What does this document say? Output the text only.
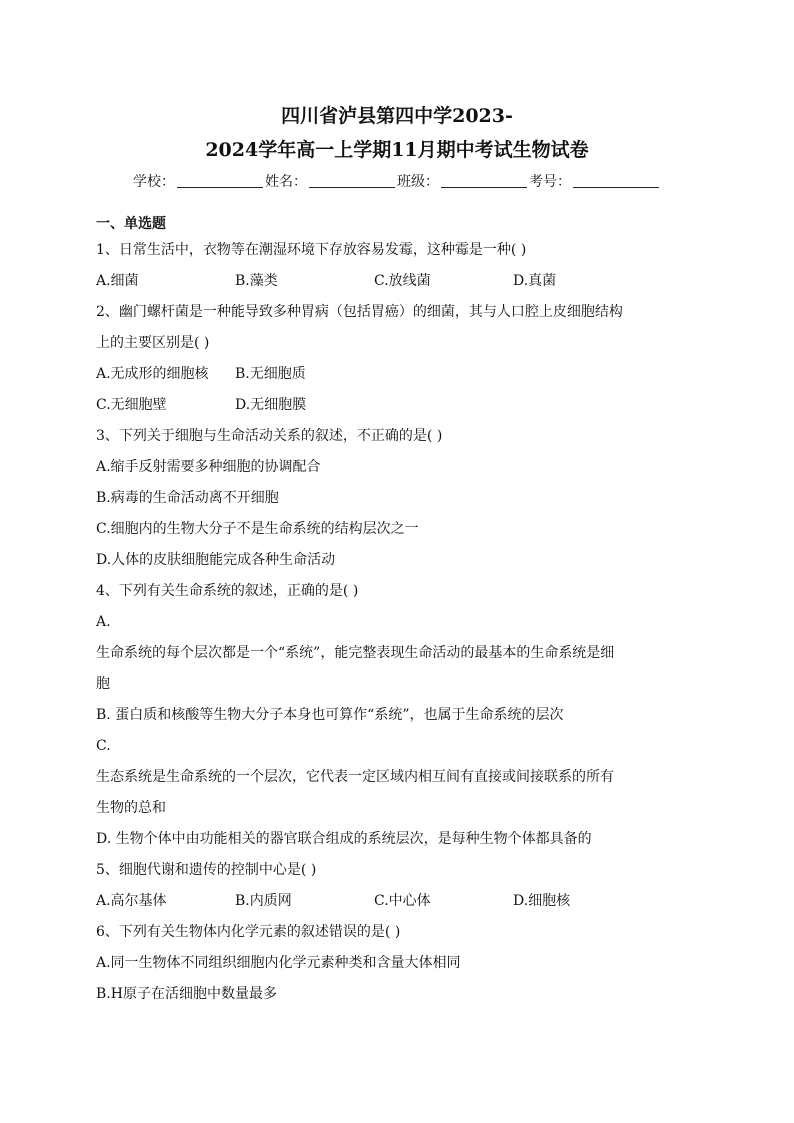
四川省泸县第四中学2023-
2024学年高一上学期11月期中考试生物试卷
学校：	姓名：	班级：	考号：
一、单选题
1、日常生活中，衣物等在潮湿环境下存放容易发霉，这种霉是一种( )
A.细菌	B.藻类	C.放线菌	D.真菌
2、幽门螺杆菌是一种能导致多种胃病（包括胃癌）的细菌，其与人口腔上皮细胞结构
上的主要区别是( )
A.无成形的细胞核	B.无细胞质
C.无细胞壁	D.无细胞膜
3、下列关于细胞与生命活动关系的叙述，不正确的是( )
A.缩手反射需要多种细胞的协调配合
B.病毒的生命活动离不开细胞
C.细胞内的生物大分子不是生命系统的结构层次之一
D.人体的皮肤细胞能完成各种生命活动
4、下列有关生命系统的叙述，正确的是( )
A.
生命系统的每个层次都是一个“系统”，能完整表现生命活动的最基本的生命系统是细
胞
B. 蛋白质和核酸等生物大分子本身也可算作“系统”，也属于生命系统的层次
C.
生态系统是生命系统的一个层次，它代表一定区域内相互间有直接或间接联系的所有
生物的总和
D. 生物个体中由功能相关的器官联合组成的系统层次，是每种生物个体都具备的
5、细胞代谢和遗传的控制中心是( )
A.高尔基体	B.内质网	C.中心体	D.细胞核
6、下列有关生物体内化学元素的叙述错误的是( )
A.同一生物体不同组织细胞内化学元素种类和含量大体相同
B.H原子在活细胞中数量最多
